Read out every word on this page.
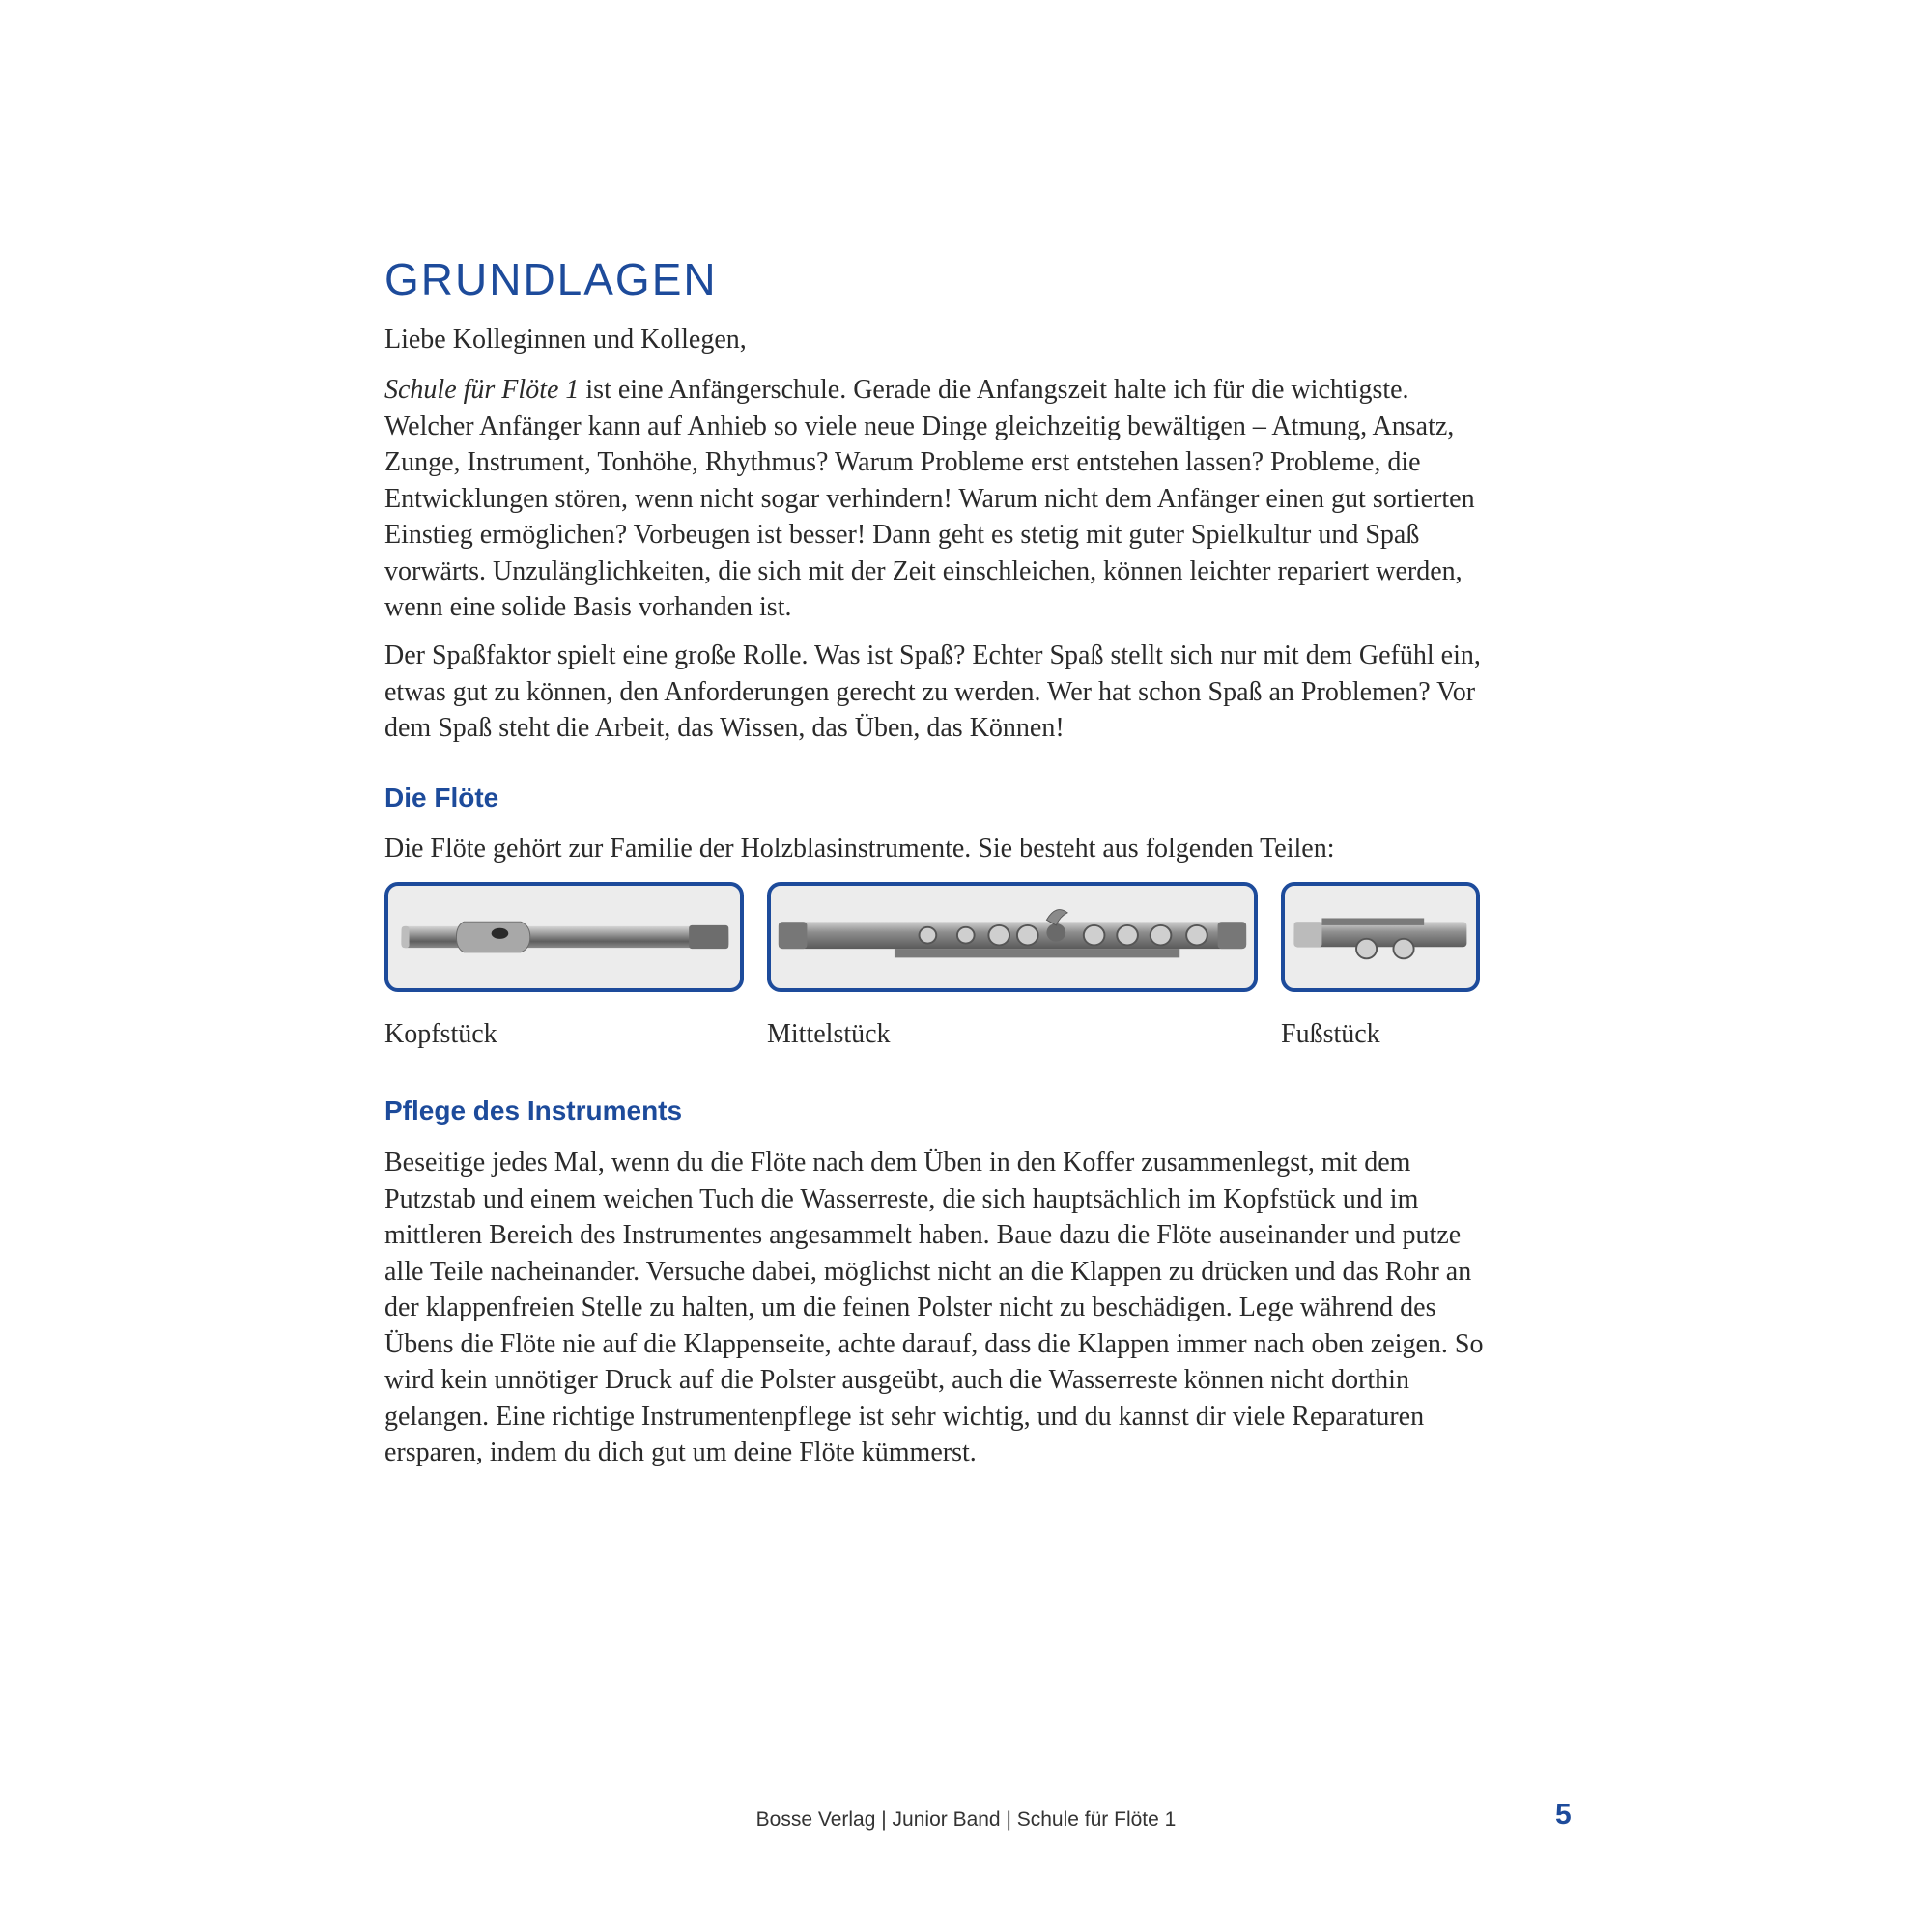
GRUNDLAGEN

Liebe Kolleginnen und Kollegen,

Schule für Flöte 1 ist eine Anfängerschule. Gerade die Anfangszeit halte ich für die wichtigste. Welcher Anfänger kann auf Anhieb so viele neue Dinge gleichzeitig bewältigen – Atmung, Ansatz, Zunge, Instrument, Tonhöhe, Rhythmus? Warum Probleme erst entstehen lassen? Probleme, die Entwicklungen stören, wenn nicht sogar verhindern! Warum nicht dem Anfänger einen gut sortierten Einstieg ermöglichen? Vorbeugen ist besser! Dann geht es stetig mit guter Spielkultur und Spaß vorwärts. Unzulänglichkeiten, die sich mit der Zeit einschleichen, können leichter repariert werden, wenn eine solide Basis vorhanden ist.

Der Spaßfaktor spielt eine große Rolle. Was ist Spaß? Echter Spaß stellt sich nur mit dem Gefühl ein, etwas gut zu können, den Anforderungen gerecht zu werden. Wer hat schon Spaß an Problemen? Vor dem Spaß steht die Arbeit, das Wissen, das Üben, das Können!

Die Flöte

Die Flöte gehört zur Familie der Holzblasinstrumente. Sie besteht aus folgenden Teilen:

Kopfstück	Mittelstück	Fußstück

Pflege des Instruments

Beseitige jedes Mal, wenn du die Flöte nach dem Üben in den Koffer zusammenlegst, mit dem Putzstab und einem weichen Tuch die Wasserreste, die sich hauptsächlich im Kopfstück und im mittleren Bereich des Instrumentes angesammelt haben. Baue dazu die Flöte auseinander und putze alle Teile nacheinander. Versuche dabei, möglichst nicht an die Klappen zu drücken und das Rohr an der klappenfreien Stelle zu halten, um die feinen Polster nicht zu beschädigen. Lege während des Übens die Flöte nie auf die Klappenseite, achte darauf, dass die Klappen immer nach oben zeigen. So wird kein unnötiger Druck auf die Polster ausgeübt, auch die Wasserreste können nicht dorthin gelangen. Eine richtige Instrumentenpflege ist sehr wichtig, und du kannst dir viele Reparaturen ersparen, indem du dich gut um deine Flöte kümmerst.

Bosse Verlag | Junior Band | Schule für Flöte 1	5
